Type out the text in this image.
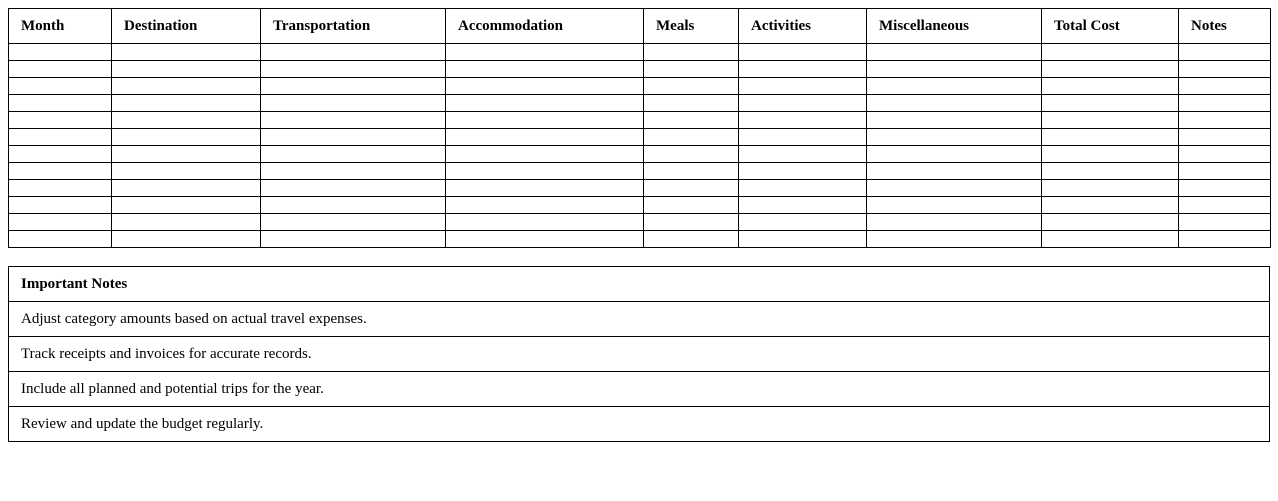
Month	Destination	Transportation	Accommodation	Meals	Activities	Miscellaneous	Total Cost	Notes

Important Notes
Adjust category amounts based on actual travel expenses.
Track receipts and invoices for accurate records.
Include all planned and potential trips for the year.
Review and update the budget regularly.
